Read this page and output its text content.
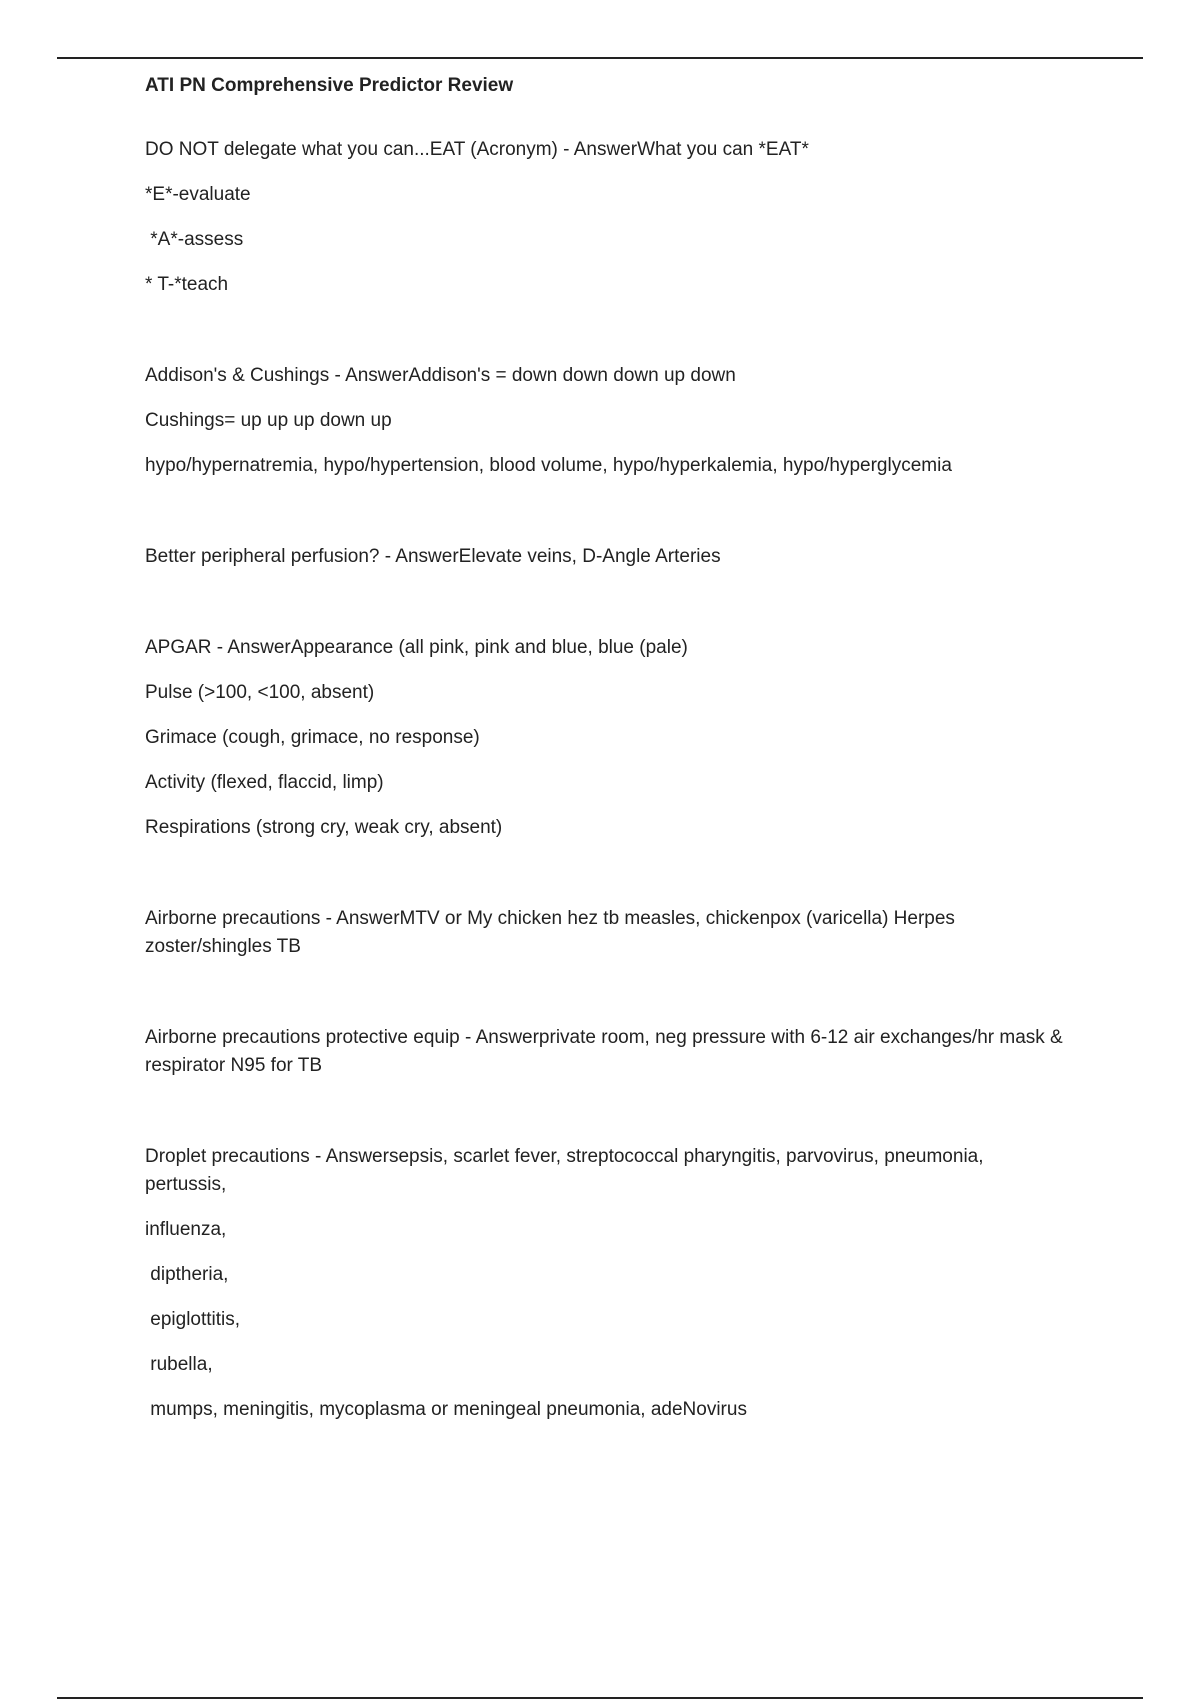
ATI PN Comprehensive Predictor Review

DO NOT delegate what you can...EAT (Acronym) - AnswerWhat you can *EAT*

*E*-evaluate

*A*-assess

* T-*teach

Addison's & Cushings - AnswerAddison's = down down down up down

Cushings= up up up down up

hypo/hypernatremia, hypo/hypertension, blood volume, hypo/hyperkalemia, hypo/hyperglycemia

Better peripheral perfusion? - AnswerElevate veins, D-Angle Arteries

APGAR - AnswerAppearance (all pink, pink and blue, blue (pale)

Pulse (>100, <100, absent)

Grimace (cough, grimace, no response)

Activity (flexed, flaccid, limp)

Respirations (strong cry, weak cry, absent)

Airborne precautions - AnswerMTV or My chicken hez tb measles, chickenpox (varicella) Herpes zoster/shingles TB

Airborne precautions protective equip - Answerprivate room, neg pressure with 6-12 air exchanges/hr mask & respirator N95 for TB

Droplet precautions - Answersepsis, scarlet fever, streptococcal pharyngitis, parvovirus, pneumonia, pertussis,

influenza,

diptheria,

epiglottitis,

rubella,

mumps, meningitis, mycoplasma or meningeal pneumonia, adeNovirus
